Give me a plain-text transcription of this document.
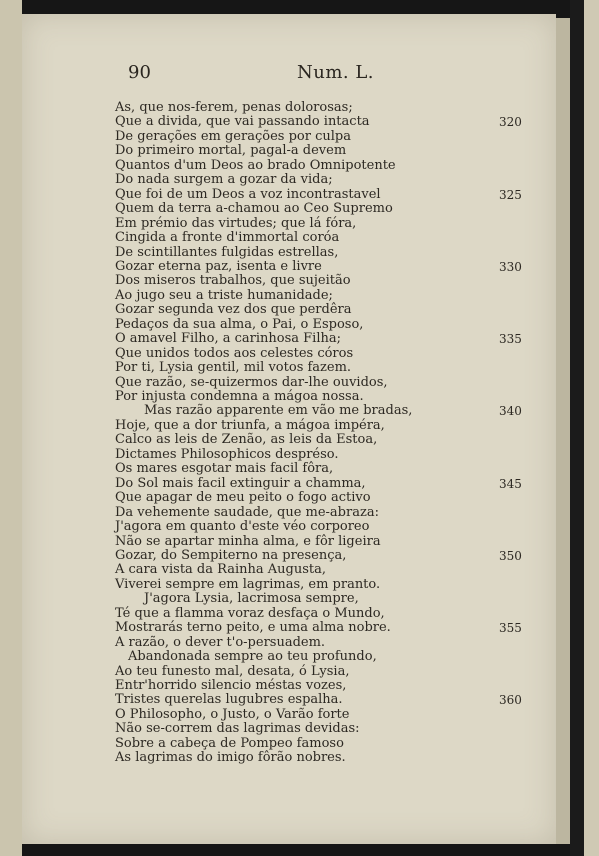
90	Num. L.
As, que nos-ferem, penas dolorosas;
Que a divida, que vai passando intacta	320
De gerações em gerações por culpa
Do primeiro mortal, pagal-a devem
Quantos d'um Deos ao brado Omnipotente
Do nada surgem a gozar da vida;
Que foi de um Deos a voz incontrastavel	325
Quem da terra a-chamou ao Ceo Supremo
Em prémio das virtudes; que lá fóra,
Cingida a fronte d'immortal coróa
De scintillantes fulgidas estrellas,
Gozar eterna paz, isenta e livre	330
Dos miseros trabalhos, que sujeitão
Ao jugo seu a triste humanidade;
Gozar segunda vez dos que perdêra
Pedaços da sua alma, o Pai, o Esposo,
O amavel Filho, a carinhosa Filha;	335
Que unidos todos aos celestes córos
Por ti, Lysia gentil, mil votos fazem.
Que razão, se-quizermos dar-lhe ouvidos,
Por injusta condemna a mágoa nossa.
Mas razão apparente em vão me bradas,	340
Hoje, que a dor triunfa, a mágoa impéra,
Calco as leis de Zenão, as leis da Estoa,
Dictames Philosophicos despréso.
Os mares esgotar mais facil fôra,
Do Sol mais facil extinguir a chamma,	345
Que apagar de meu peito o fogo activo
Da vehemente saudade, que me-abraza:
J'agora em quanto d'este véo corporeo
Não se apartar minha alma, e fôr ligeira
Gozar, do Sempiterno na presença,	350
A cara vista da Rainha Augusta,
Viverei sempre em lagrimas, em pranto.
J'agora Lysia, lacrimosa sempre,
Té que a flamma voraz desfaça o Mundo,
Mostrarás terno peito, e uma alma nobre.	355
A razão, o dever t'o-persuadem.
Abandonada sempre ao teu profundo,
Ao teu funesto mal, desata, ó Lysia,
Entr'horrido silencio méstas vozes,
Tristes querelas lugubres espalha.	360
O Philosopho, o Justo, o Varão forte
Não se-correm das lagrimas devidas:
Sobre a cabeça de Pompeo famoso
As lagrimas do imigo fôrão nobres.
